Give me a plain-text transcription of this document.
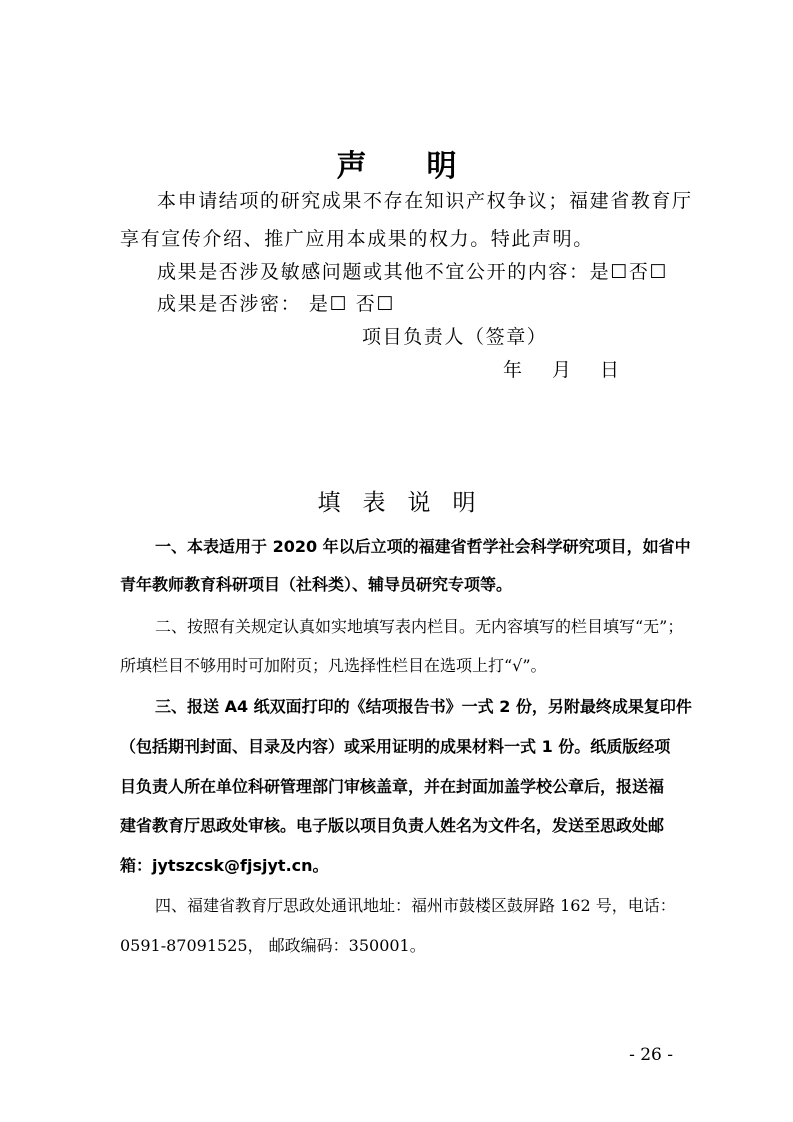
声明
本申请结项的研究成果不存在知识产权争议；福建省教育厅
享有宣传介绍、推广应用本成果的权力。特此声明。
成果是否涉及敏感问题或其他不宜公开的内容：是☐否☐
成果是否涉密： 是☐ 否☐
项目负责人（签章）
年 月 日
填表说明
一、本表适用于 2020 年以后立项的福建省哲学社会科学研究项目，如省中
青年教师教育科研项目（社科类）、辅导员研究专项等。
二、按照有关规定认真如实地填写表内栏目。无内容填写的栏目填写“无”；
所填栏目不够用时可加附页；凡选择性栏目在选项上打“√”。
三、报送 A4 纸双面打印的《结项报告书》一式 2 份，另附最终成果复印件
（包括期刊封面、目录及内容）或采用证明的成果材料一式 1 份。纸质版经项
目负责人所在单位科研管理部门审核盖章，并在封面加盖学校公章后，报送福
建省教育厅思政处审核。电子版以项目负责人姓名为文件名，发送至思政处邮
箱：jytszcsk@fjsjyt.cn。
四、福建省教育厅思政处通讯地址：福州市鼓楼区鼓屏路 162 号，电话：
0591-87091525， 邮政编码：350001。
- 26 -
